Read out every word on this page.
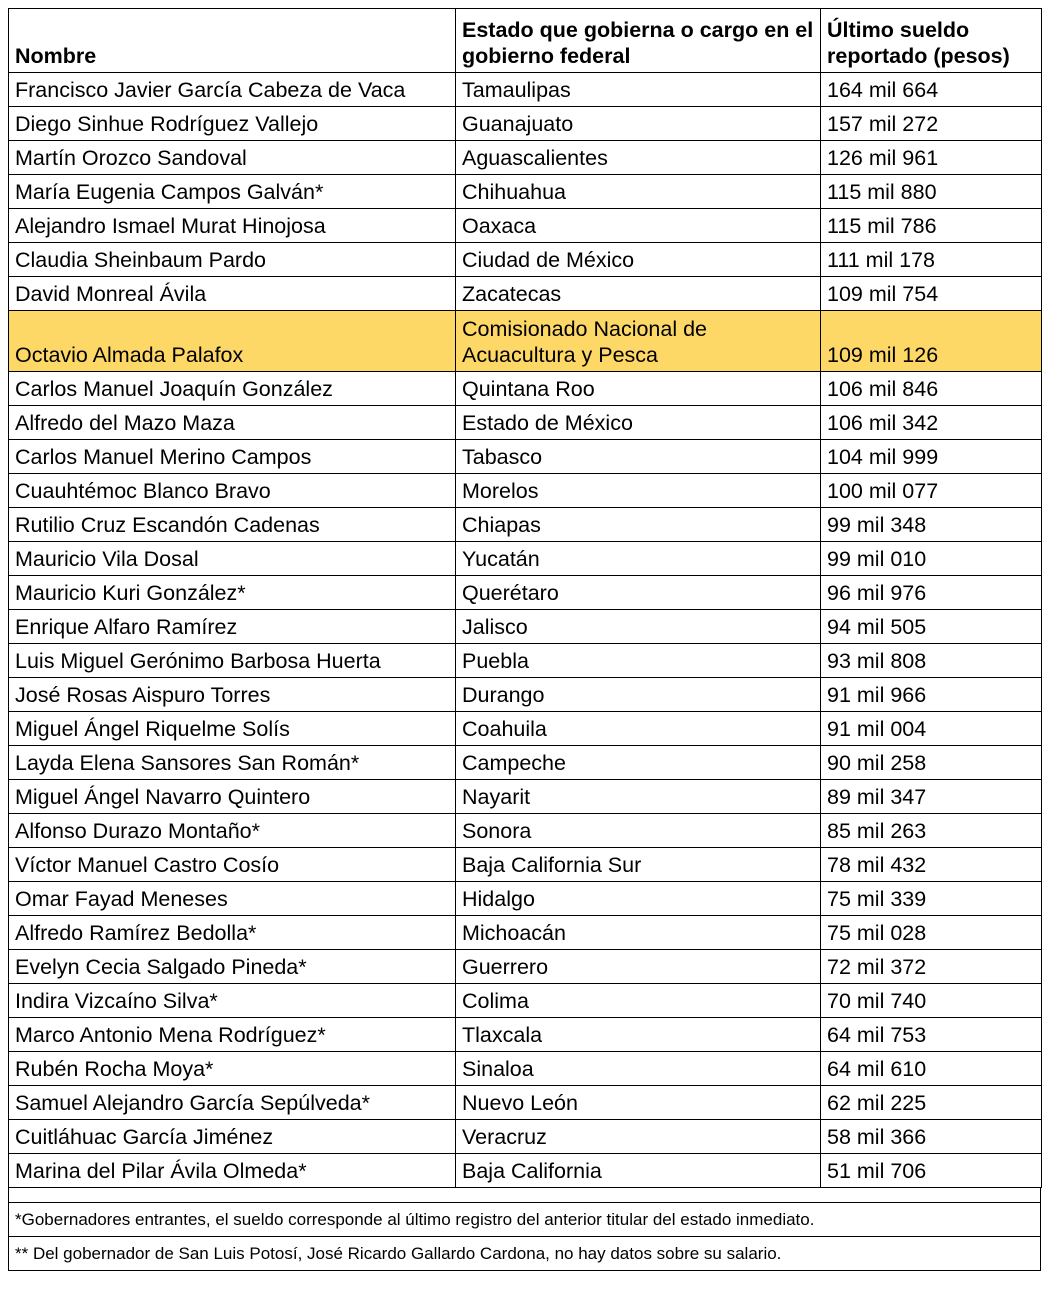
Nombre	Estado que gobierna o cargo en el gobierno federal	Último sueldo reportado (pesos)
Francisco Javier García Cabeza de Vaca	Tamaulipas	164 mil 664
Diego Sinhue Rodríguez Vallejo	Guanajuato	157 mil 272
Martín Orozco Sandoval	Aguascalientes	126 mil 961
María Eugenia Campos Galván*	Chihuahua	115 mil 880
Alejandro Ismael Murat Hinojosa	Oaxaca	115 mil 786
Claudia Sheinbaum Pardo	Ciudad de México	111 mil 178
David Monreal Ávila	Zacatecas	109 mil 754
Octavio Almada Palafox	Comisionado Nacional de Acuacultura y Pesca	109 mil 126
Carlos Manuel Joaquín González	Quintana Roo	106 mil 846
Alfredo del Mazo Maza	Estado de México	106 mil 342
Carlos Manuel Merino Campos	Tabasco	104 mil 999
Cuauhtémoc Blanco Bravo	Morelos	100 mil 077
Rutilio Cruz Escandón Cadenas	Chiapas	99 mil 348
Mauricio Vila Dosal	Yucatán	99 mil 010
Mauricio Kuri González*	Querétaro	96 mil 976
Enrique Alfaro Ramírez	Jalisco	94 mil 505
Luis Miguel Gerónimo Barbosa Huerta	Puebla	93 mil 808
José Rosas Aispuro Torres	Durango	91 mil 966
Miguel Ángel Riquelme Solís	Coahuila	91 mil 004
Layda Elena Sansores San Román*	Campeche	90 mil 258
Miguel Ángel Navarro Quintero	Nayarit	89 mil 347
Alfonso Durazo Montaño*	Sonora	85 mil 263
Víctor Manuel Castro Cosío	Baja California Sur	78 mil 432
Omar Fayad Meneses	Hidalgo	75 mil 339
Alfredo Ramírez Bedolla*	Michoacán	75 mil 028
Evelyn Cecia Salgado Pineda*	Guerrero	72 mil 372
Indira Vizcaíno Silva*	Colima	70 mil 740
Marco Antonio Mena Rodríguez*	Tlaxcala	64 mil 753
Rubén Rocha Moya*	Sinaloa	64 mil 610
Samuel Alejandro García Sepúlveda*	Nuevo León	62 mil 225
Cuitláhuac García Jiménez	Veracruz	58 mil 366
Marina del Pilar Ávila Olmeda*	Baja California	51 mil 706
*Gobernadores entrantes, el sueldo corresponde al último registro del anterior titular del estado inmediato.
** Del gobernador de San Luis Potosí, José Ricardo Gallardo Cardona, no hay datos sobre su salario.
